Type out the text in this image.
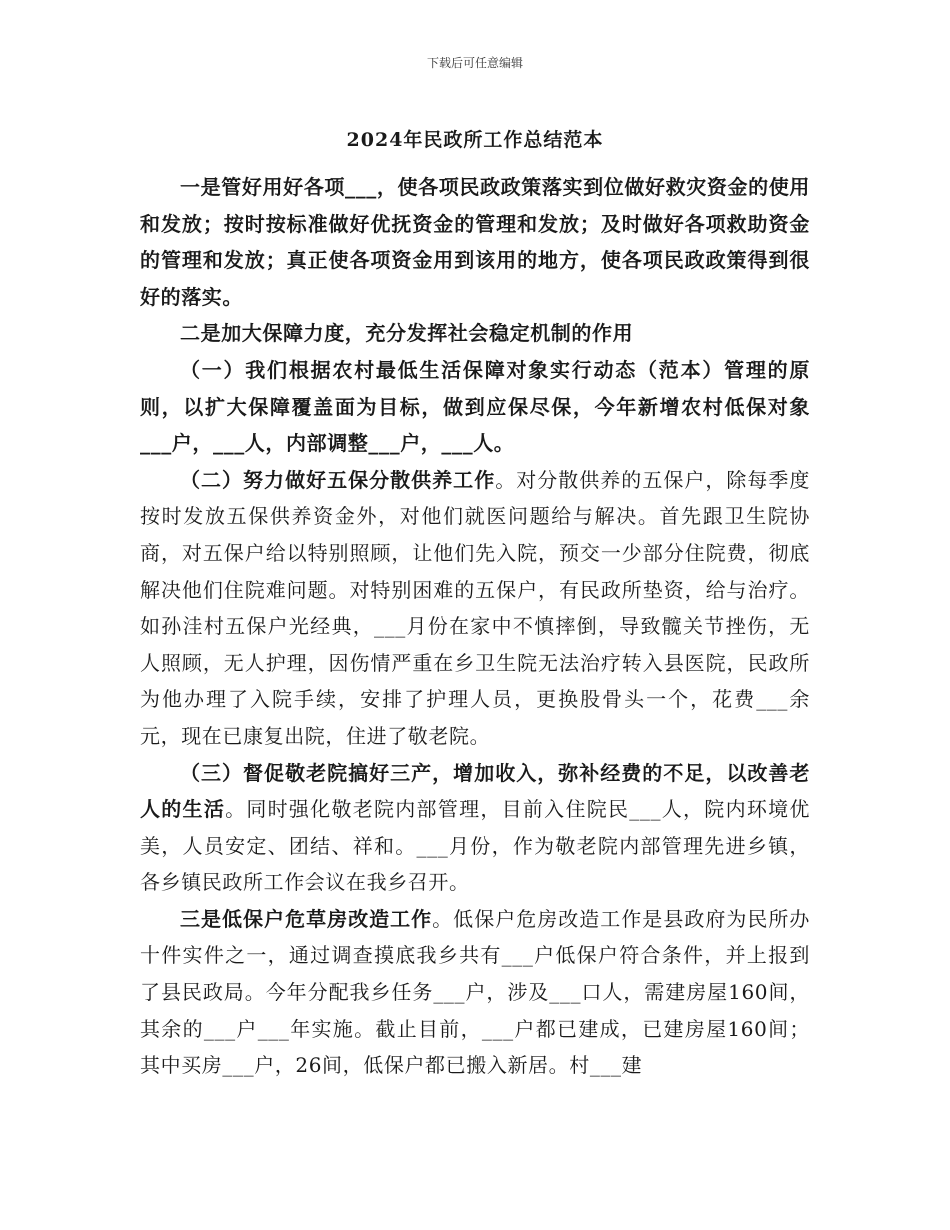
下载后可任意编辑
2024年民政所工作总结范本

一是管好用好各项___，使各项民政政策落实到位做好救灾资金的使用和发放；按时按标准做好优抚资金的管理和发放；及时做好各项救助资金的管理和发放；真正使各项资金用到该用的地方，使各项民政政策得到很好的落实。

二是加大保障力度，充分发挥社会稳定机制的作用

（一）我们根据农村最低生活保障对象实行动态（范本）管理的原则，以扩大保障覆盖面为目标，做到应保尽保，今年新增农村低保对象___户，___人，内部调整___户，___人。

（二）努力做好五保分散供养工作。对分散供养的五保户，除每季度按时发放五保供养资金外，对他们就医问题给与解决。首先跟卫生院协商，对五保户给以特别照顾，让他们先入院，预交一少部分住院费，彻底解决他们住院难问题。对特别困难的五保户，有民政所垫资，给与治疗。如孙洼村五保户光经典，___月份在家中不慎摔倒，导致髋关节挫伤，无人照顾，无人护理，因伤情严重在乡卫生院无法治疗转入县医院，民政所为他办理了入院手续，安排了护理人员，更换股骨头一个，花费___余元，现在已康复出院，住进了敬老院。

（三）督促敬老院搞好三产，增加收入，弥补经费的不足，以改善老人的生活。同时强化敬老院内部管理，目前入住院民___人，院内环境优美，人员安定、团结、祥和。___月份，作为敬老院内部管理先进乡镇，各乡镇民政所工作会议在我乡召开。

三是低保户危草房改造工作。低保户危房改造工作是县政府为民所办十件实件之一，通过调查摸底我乡共有___户低保户符合条件，并上报到了县民政局。今年分配我乡任务___户，涉及___口人，需建房屋160间，其余的___户___年实施。截止目前，___户都已建成，已建房屋160间；其中买房___户，26间，低保户都已搬入新居。村___建
